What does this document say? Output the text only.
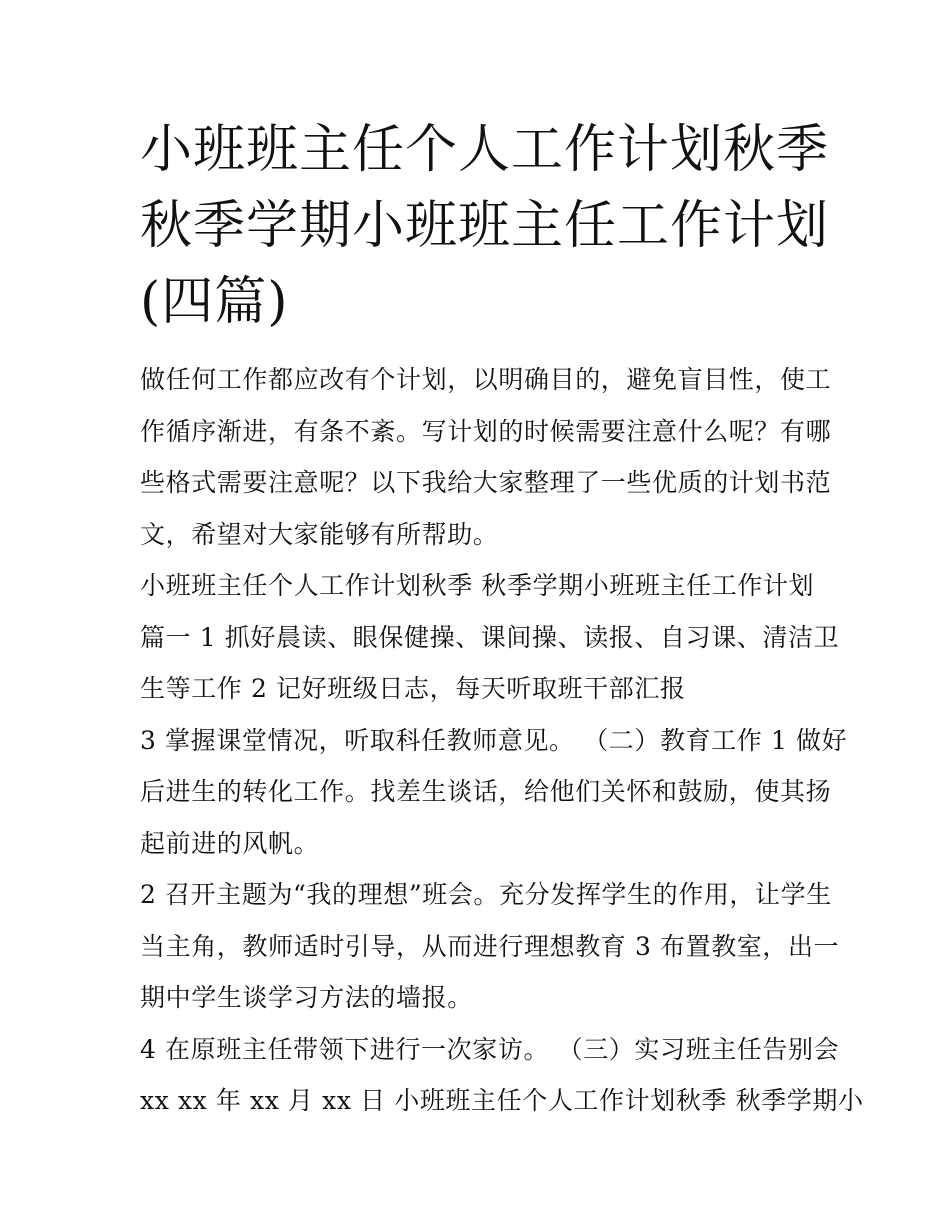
小班班主任个人工作计划秋季
秋季学期小班班主任工作计划
(四篇)

做任何工作都应改有个计划，以明确目的，避免盲目性，使工
作循序渐进，有条不紊。写计划的时候需要注意什么呢？有哪
些格式需要注意呢？以下我给大家整理了一些优质的计划书范
文，希望对大家能够有所帮助。

小班班主任个人工作计划秋季 秋季学期小班班主任工作计划
篇一 1 抓好晨读、眼保健操、课间操、读报、自习课、清洁卫
生等工作 2 记好班级日志，每天听取班干部汇报

3 掌握课堂情况，听取科任教师意见。 （二）教育工作 1 做好
后进生的转化工作。找差生谈话，给他们关怀和鼓励，使其扬
起前进的风帆。

2 召开主题为“我的理想”班会。充分发挥学生的作用，让学生
当主角，教师适时引导，从而进行理想教育 3 布置教室，出一
期中学生谈学习方法的墙报。

4 在原班主任带领下进行一次家访。 （三）实习班主任告别会
xx xx 年 xx 月 xx 日 小班班主任个人工作计划秋季 秋季学期小
